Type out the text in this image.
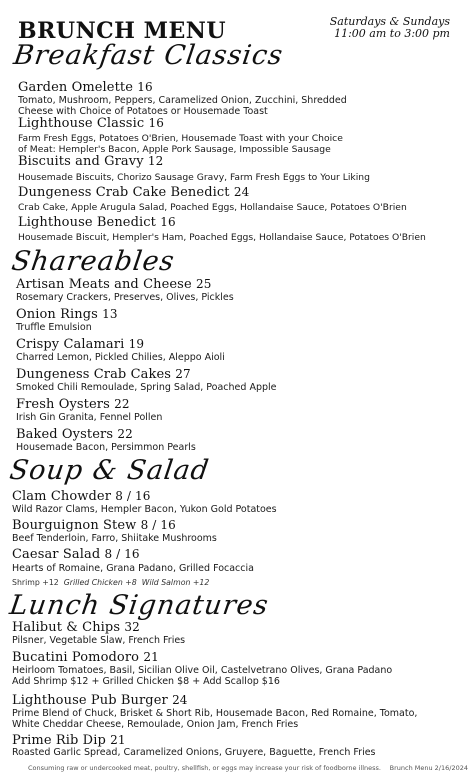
BRUNCH MENU	Saturdays & Sundays
11:00 am to 3:00 pm
Breakfast Classics
Garden Omelette 16
Tomato, Mushroom, Peppers, Caramelized Onion, Zucchini, Shredded
Cheese with Choice of Potatoes or Housemade Toast
Lighthouse Classic 16
Farm Fresh Eggs, Potatoes O'Brien, Housemade Toast with your Choice
of Meat: Hempler's Bacon, Apple Pork Sausage, Impossible Sausage
Biscuits and Gravy 12
Housemade Biscuits, Chorizo Sausage Gravy, Farm Fresh Eggs to Your Liking
Dungeness Crab Cake Benedict 24
Crab Cake, Apple Arugula Salad, Poached Eggs, Hollandaise Sauce, Potatoes O'Brien
Lighthouse Benedict 16
Housemade Biscuit, Hempler's Ham, Poached Eggs, Hollandaise Sauce, Potatoes O'Brien
Shareables
Artisan Meats and Cheese 25
Rosemary Crackers, Preserves, Olives, Pickles
Onion Rings 13
Truffle Emulsion
Crispy Calamari 19
Charred Lemon, Pickled Chilies, Aleppo Aioli
Dungeness Crab Cakes 27
Smoked Chili Remoulade, Spring Salad, Poached Apple
Fresh Oysters 22
Irish Gin Granita, Fennel Pollen
Baked Oysters 22
Housemade Bacon, Persimmon Pearls
Soup & Salad
Clam Chowder 8 / 16
Wild Razor Clams, Hempler Bacon, Yukon Gold Potatoes
Bourguignon Stew 8 / 16
Beef Tenderloin, Farro, Shiitake Mushrooms
Caesar Salad 8 / 16
Hearts of Romaine, Grana Padano, Grilled Focaccia
Shrimp +12 Grilled Chicken +8 Wild Salmon +12
Lunch Signatures
Halibut & Chips 32
Pilsner, Vegetable Slaw, French Fries
Bucatini Pomodoro 21
Heirloom Tomatoes, Basil, Sicilian Olive Oil, Castelvetrano Olives, Grana Padano
Add Shrimp $12 + Grilled Chicken $8 + Add Scallop $16
Lighthouse Pub Burger 24
Prime Blend of Chuck, Brisket & Short Rib, Housemade Bacon, Red Romaine, Tomato,
White Cheddar Cheese, Remoulade, Onion Jam, French Fries
Prime Rib Dip 21
Roasted Garlic Spread, Caramelized Onions, Gruyere, Baguette, French Fries
Consuming raw or undercooked meat, poultry, shellfish, or eggs may increase your risk of foodborne illness. Brunch Menu 2/16/2024
